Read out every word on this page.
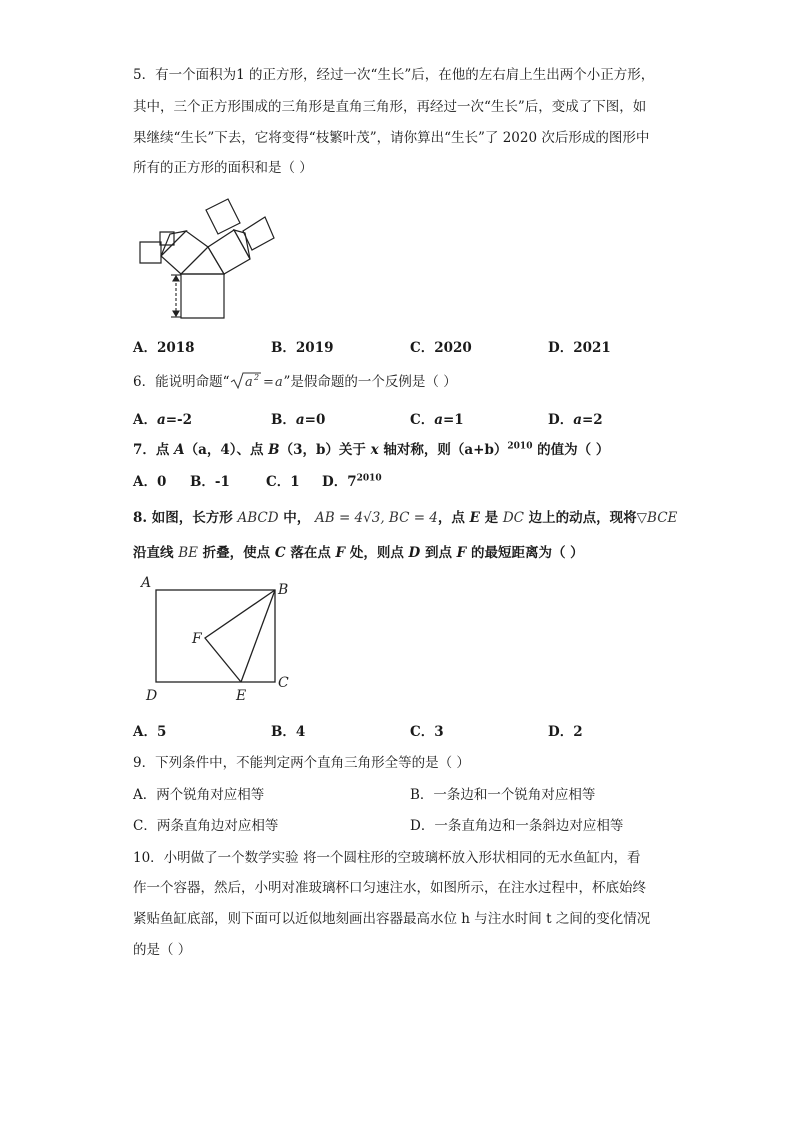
5．有一个面积为1 的正方形，经过一次“生长”后，在他的左右肩上生出两个小正方形，
其中，三个正方形围成的三角形是直角三角形，再经过一次“生长”后，变成了下图，如
果继续“生长”下去，它将变得“枝繁叶茂”，请你算出“生长”了 2020 次后形成的图形中
所有的正方形的面积和是（ ）
A．2018	B．2019	C．2020	D．2021
6．能说明命题“ a 2 = a ”是假命题的一个反例是（ ）
A．a=-2	B．a=0	C．a=1	D．a=2
7．点 A（a，4）、点 B（3，b）关于 x 轴对称，则$(a+b)^{2010}$ 的值为（ ）
A．0 B．-1	C．1 D．$7^{2010}$
8. 如图，长方形 ABCD 中， AB = 4√3, BC = 4，点 E 是 DC 边上的动点，现将▽BCE
沿直线 BE 折叠，使点 C 落在点 F 处，则点 D 到点 F 的最短距离为（ ）
A	B
C
D	E
F
A．5	B．4	C．3	D．2
9．下列条件中，不能判定两个直角三角形全等的是（ ）
A．两个锐角对应相等	B．一条边和一个锐角对应相等
C．两条直角边对应相等	D．一条直角边和一条斜边对应相等
10．小明做了一个数学实验 将一个圆柱形的空玻璃杯放入形状相同的无水鱼缸内，看
作一个容器，然后，小明对准玻璃杯口匀速注水，如图所示，在注水过程中，杯底始终
紧贴鱼缸底部，则下面可以近似地刻画出容器最高水位 h 与注水时间 t 之间的变化情况
的是（ ）
